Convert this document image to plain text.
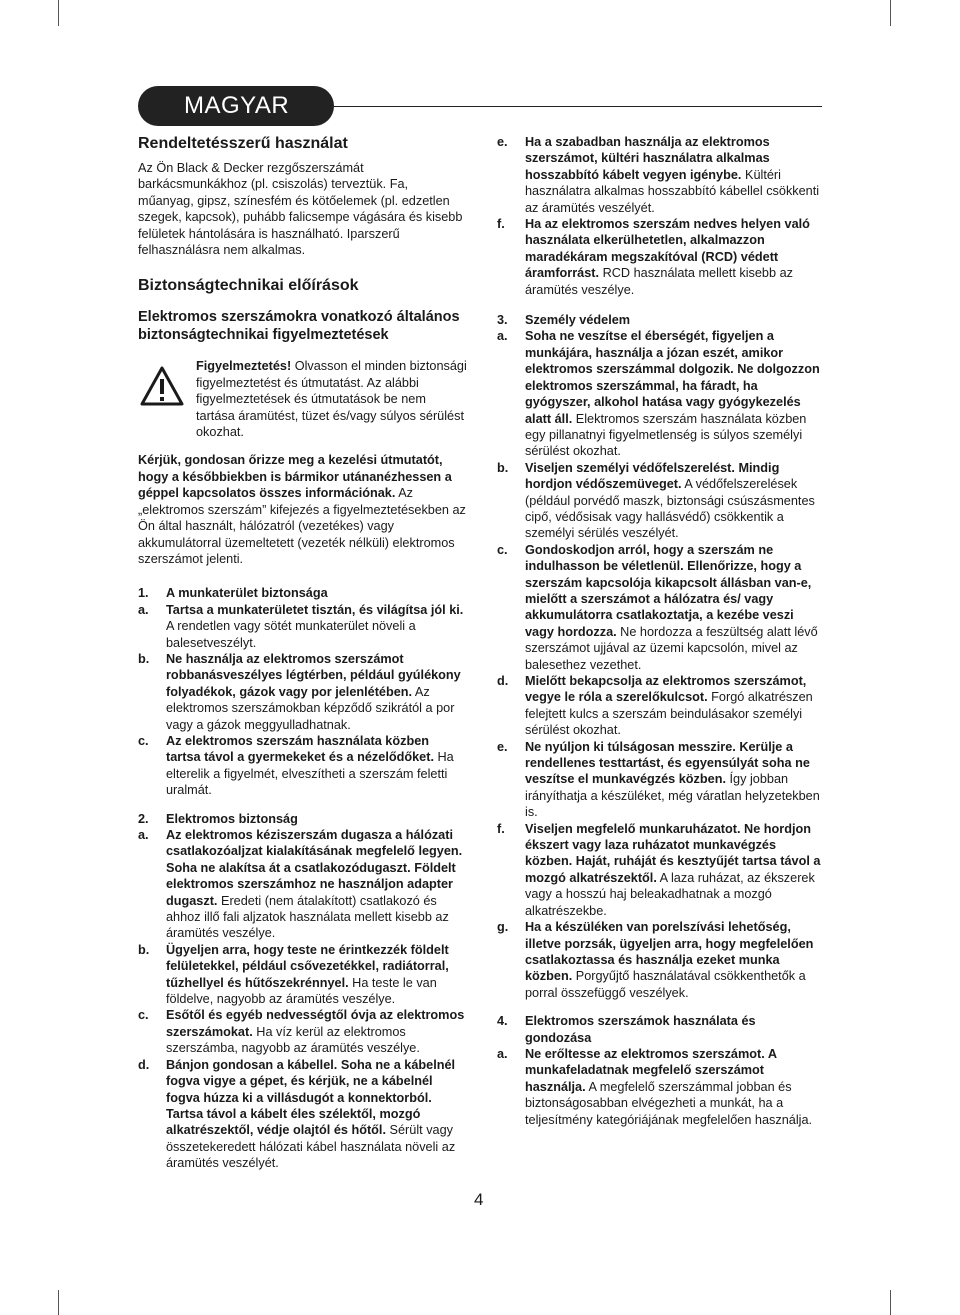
MAGYAR
Rendeltetésszerű használat

Az Ön Black & Decker rezgőszerszámát barkácsmunkákhoz (pl. csiszolás) terveztük. Fa, műanyag, gipsz, színesfém és kötőelemek (pl. edzetlen szegek, kapcsok), puhább falicsempe vágására és kisebb felületek hántolására is használható. Iparszerű felhasználásra nem alkalmas.

Biztonságtechnikai előírások
Elektromos szerszámokra vonatkozó általános biztonságtechnikai figyelmeztetések

Figyelmeztetés! Olvasson el minden biztonsági figyelmeztetést és útmutatást. Az alábbi figyelmeztetések és útmutatások be nem tartása áramütést, tüzet és/vagy súlyos sérülést okozhat.

Kérjük, gondosan őrizze meg a kezelési útmutatót, hogy a későbbiekben is bármikor utánanézhessen a géppel kapcsolatos összes információnak. Az „elektromos szerszám” kifejezés a figyelmeztetésekben az Ön által használt, hálózatról (vezetékes) vagy akkumulátorral üzemeltetett (vezeték nélküli) elektromos szerszámot jelenti.

1. A munkaterület biztonsága
a. Tartsa a munkaterületet tisztán, és világítsa jól ki. A rendetlen vagy sötét munkaterület növeli a balesetveszélyt.
b. Ne használja az elektromos szerszámot robbanásveszélyes légtérben, például gyúlékony folyadékok, gázok vagy por jelenlétében. Az elektromos szerszámokban képződő szikrától a por vagy a gázok meggyulladhatnak.
c. Az elektromos szerszám használata közben tartsa távol a gyermekeket és a nézelődőket. Ha elterelik a figyelmét, elveszítheti a szerszám feletti uralmát.
2. Elektromos biztonság
a. Az elektromos kéziszerszám dugasza a hálózati csatlakozóaljzat kialakításának megfelelő legyen. Soha ne alakítsa át a csatlakozódugaszt. Földelt elektromos szerszámhoz ne használjon adapter dugaszt. Eredeti (nem átalakított) csatlakozó és ahhoz illő fali aljzatok használata mellett kisebb az áramütés veszélye.
b. Ügyeljen arra, hogy teste ne érintkezzék földelt felületekkel, például csővezetékkel, radiátorral, tűzhellyel és hűtőszekrénnyel. Ha teste le van földelve, nagyobb az áramütés veszélye.
c. Esőtől és egyéb nedvességtől óvja az elektromos szerszámokat. Ha víz kerül az elektromos szerszámba, nagyobb az áramütés veszélye.
d. Bánjon gondosan a kábellel. Soha ne a kábelnél fogva vigye a gépet, és kérjük, ne a kábelnél fogva húzza ki a villásdugót a konnektorból. Tartsa távol a kábelt éles szélektől, mozgó alkatrészektől, védje olajtól és hőtől. Sérült vagy összetekeredett hálózati kábel használata növeli az áramütés veszélyét.
e. Ha a szabadban használja az elektromos szerszámot, kültéri használatra alkalmas hosszabbító kábelt vegyen igénybe. Kültéri használatra alkalmas hosszabbító kábellel csökkenti az áramütés veszélyét.
f. Ha az elektromos szerszám nedves helyen való használata elkerülhetetlen, alkalmazzon maradékáram megszakítóval (RCD) védett áramforrást. RCD használata mellett kisebb az áramütés veszélye.
3. Személy védelem
a. Soha ne veszítse el éberségét, figyeljen a munkájára, használja a józan eszét, amikor elektromos szerszámmal dolgozik. Ne dolgozzon elektromos szerszámmal, ha fáradt, ha gyógyszer, alkohol hatása vagy gyógykezelés alatt áll. Elektromos szerszám használata közben egy pillanatnyi figyelmetlenség is súlyos személyi sérülést okozhat.
b. Viseljen személyi védőfelszerelést. Mindig hordjon védőszemüveget. A védőfelszerelések (például porvédő maszk, biztonsági csúszásmentes cipő, védősisak vagy hallásvédő) csökkentik a személyi sérülés veszélyét.
c. Gondoskodjon arról, hogy a szerszám ne indulhasson be véletlenül. Ellenőrizze, hogy a szerszám kapcsolója kikapcsolt állásban van-e, mielőtt a szerszámot a hálózatra és/ vagy akkumulátorra csatlakoztatja, a kezébe veszi vagy hordozza. Ne hordozza a feszültség alatt lévő szerszámot ujjával az üzemi kapcsolón, mivel az balesethez vezethet.
d. Mielőtt bekapcsolja az elektromos szerszámot, vegye le róla a szerelőkulcsot. Forgó alkatrészen felejtett kulcs a szerszám beindulásakor személyi sérülést okozhat.
e. Ne nyúljon ki túlságosan messzire. Kerülje a rendellenes testtartást, és egyensúlyát soha ne veszítse el munkavégzés közben. Így jobban irányíthatja a készüléket, még váratlan helyzetekben is.
f. Viseljen megfelelő munkaruházatot. Ne hordjon ékszert vagy laza ruházatot munkavégzés közben. Haját, ruháját és kesztyűjét tartsa távol a mozgó alkatrészektől. A laza ruházat, az ékszerek vagy a hosszú haj beleakadhatnak a mozgó alkatrészekbe.
g. Ha a készüléken van porelszívási lehetőség, illetve porzsák, ügyeljen arra, hogy megfelelően csatlakoztassa és használja ezeket munka közben. Porgyűjtő használatával csökkenthetők a porral összefüggő veszélyek.
4. Elektromos szerszámok használata és gondozása
a. Ne erőltesse az elektromos szerszámot. A munkafeladatnak megfelelő szerszámot használja. A megfelelő szerszámmal jobban és biztonságosabban elvégezheti a munkát, ha a teljesítmény kategóriájának megfelelően használja.
4
